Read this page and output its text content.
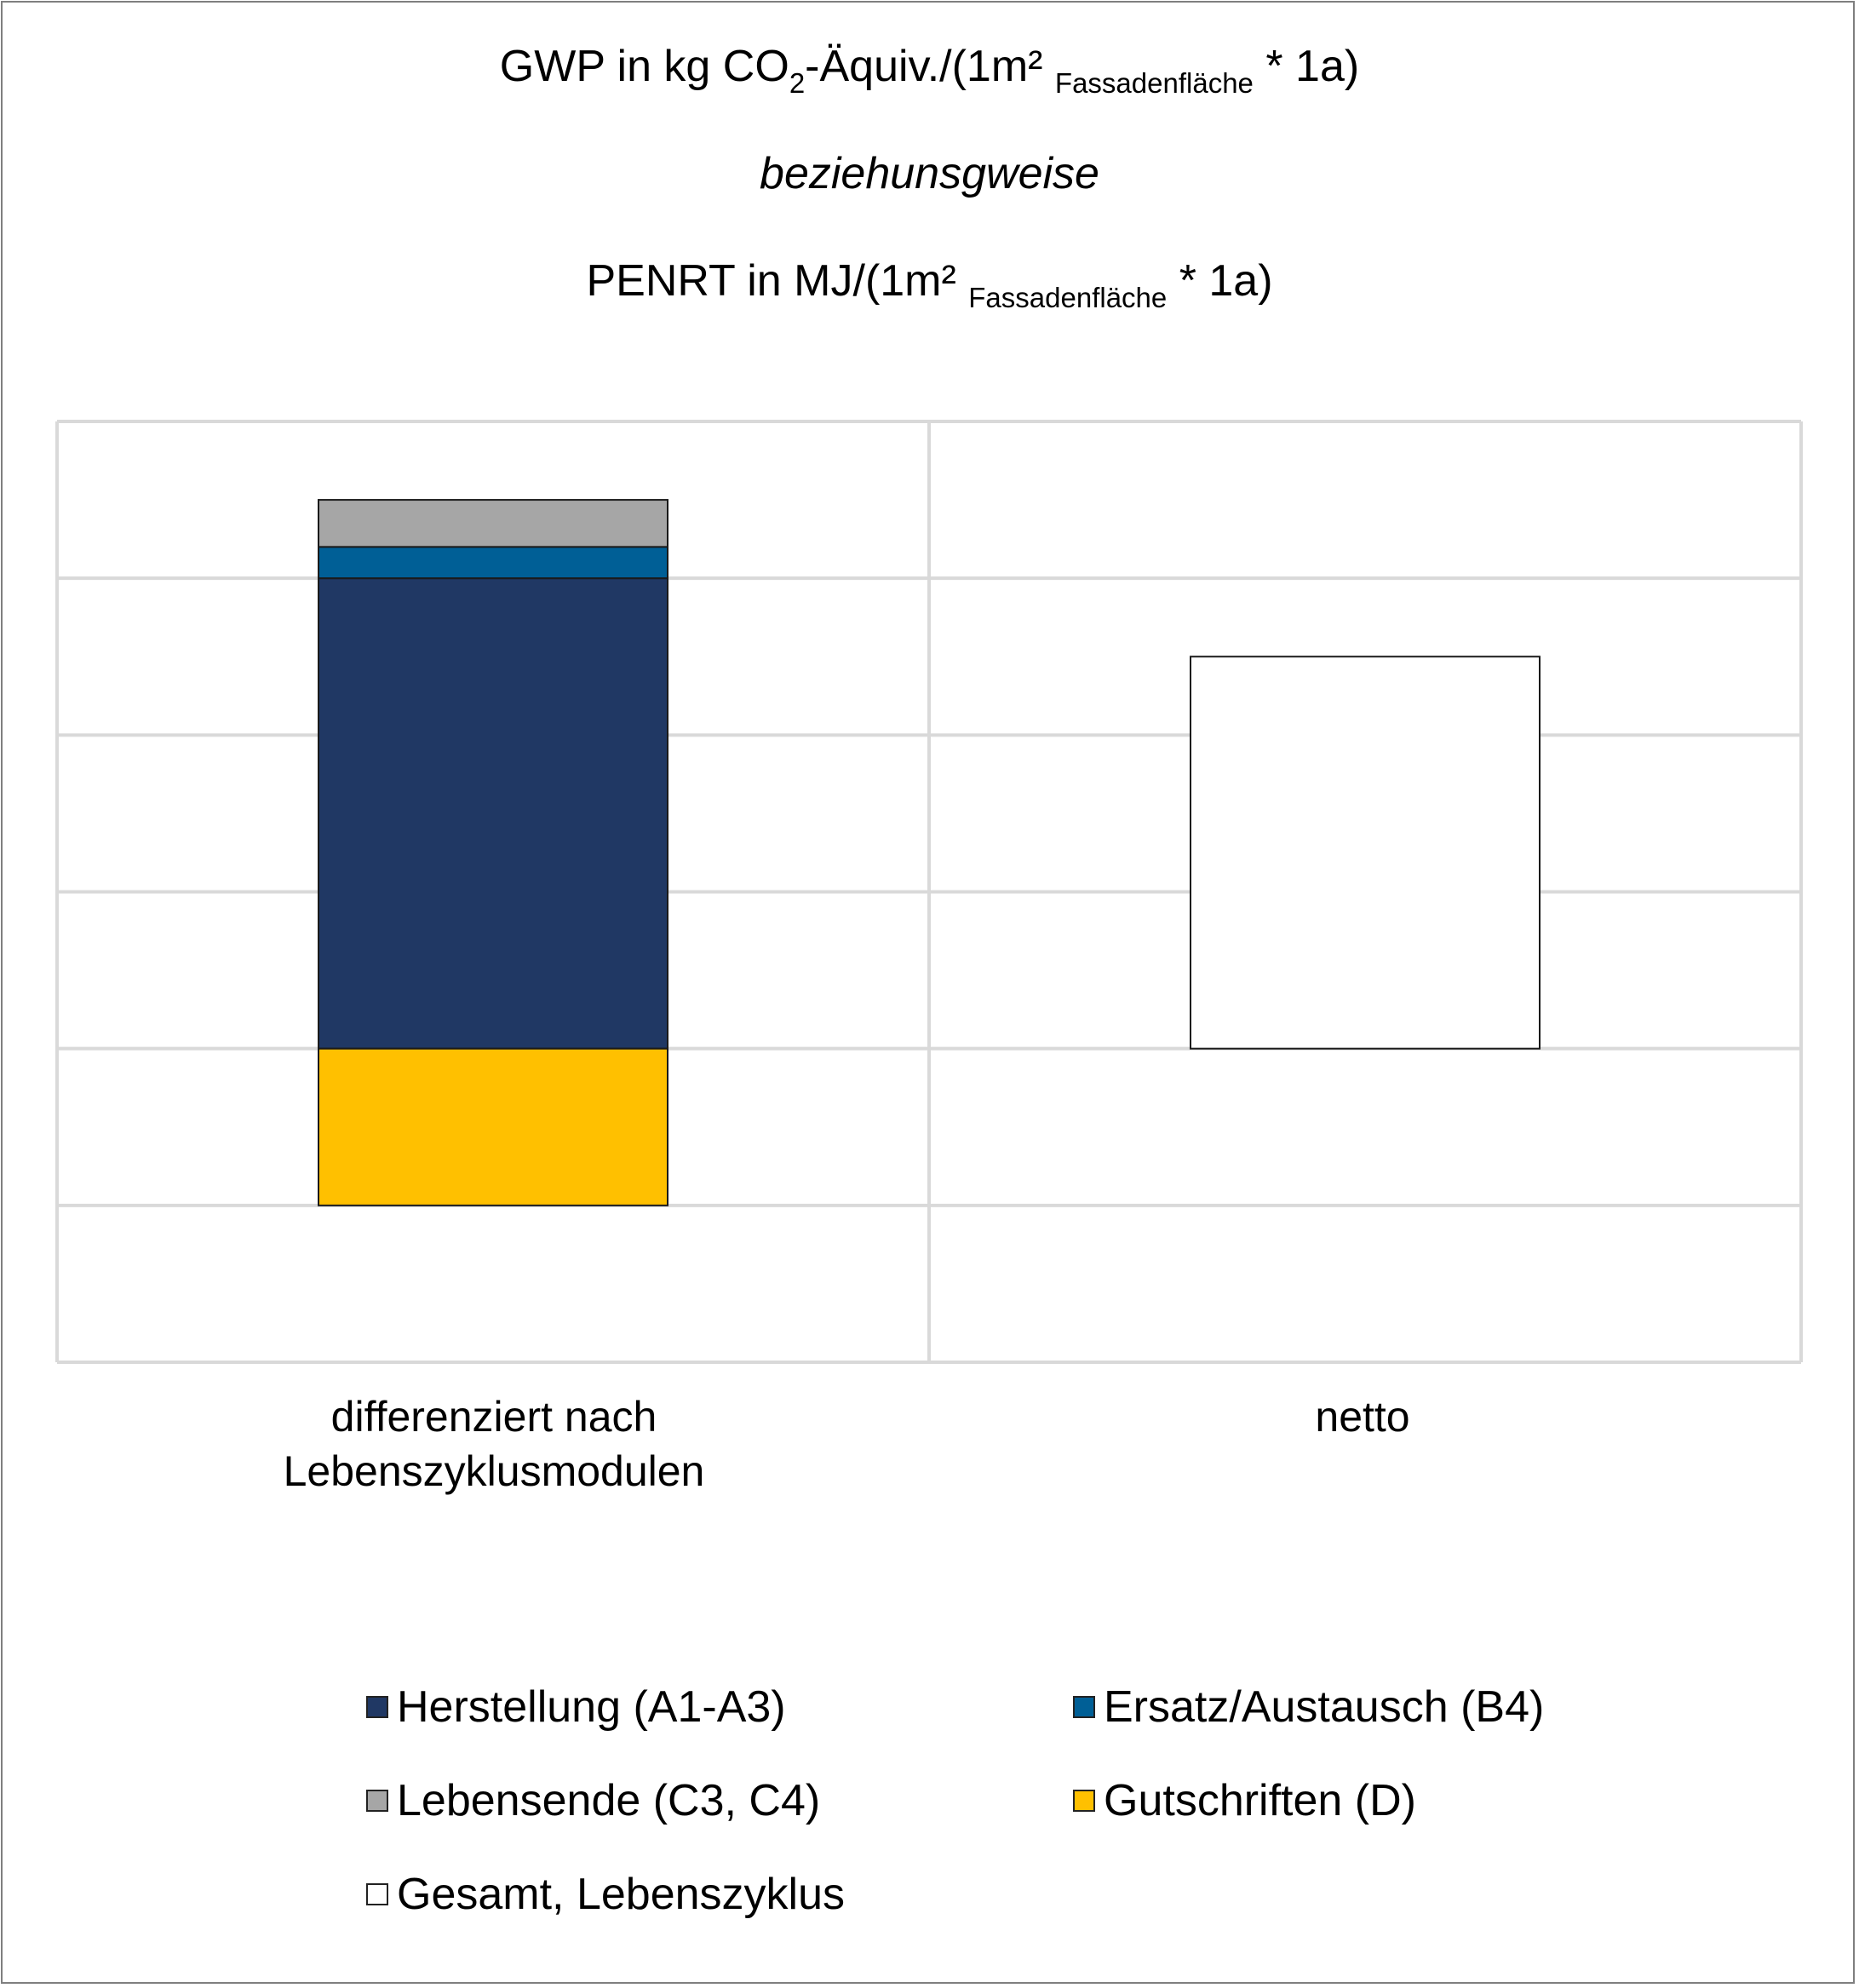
GWP in kg $CO_2-Äquiv./(1m^2$ $_{Fassadenfläche}$ * 1a)
beziehunsgweise
PENRT in MJ/(1m² $_{Fassadenfläche}$ * 1a)
differenziert nach
Lebenszyklusmodulen
netto
Herstellung (A1-A3)	Ersatz/Austausch (B4)
Lebensende (C3, C4)	Gutschriften (D)
Gesamt, Lebenszyklus
